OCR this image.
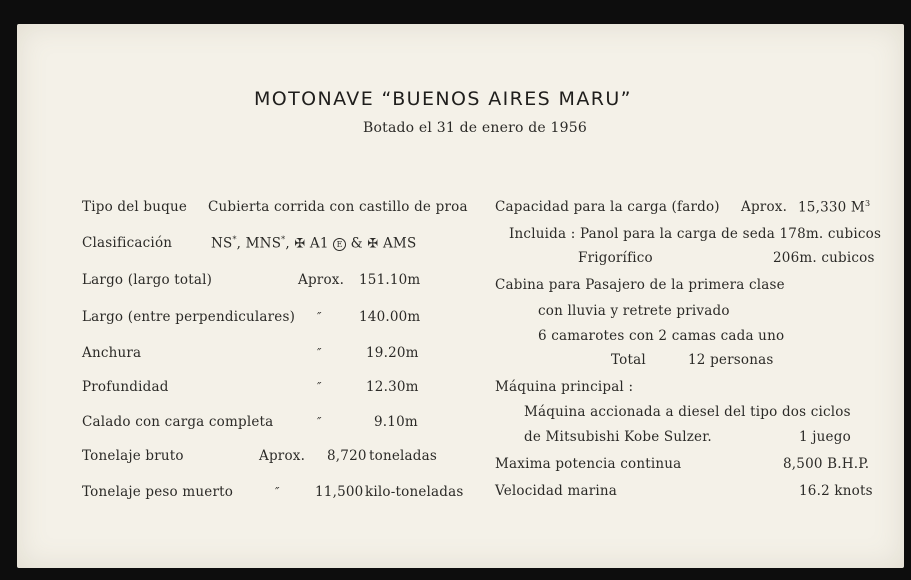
MOTONAVE “BUENOS AIRES MARU”
Botado el 31 de enero de 1956
Tipo del buque Cubierta corrida con castillo de proa
Clasificación	NS*, MNS*, ✠ A1 E & ✠ AMS
Largo (largo total)	Aprox. 151.10m
Largo (entre perpendiculares) ″	140.00m
Anchura	″	19.20m
Profundidad	″	12.30m
Calado con carga completa	″	9.10m
Tonelaje bruto	Aprox. 8,720 toneladas
Tonelaje peso muerto	″	11,500 kilo-toneladas
Capacidad para la carga (fardo) Aprox. 15,330 $M^3$
Incluida : Panol para la carga de seda 178m. cubicos
Frigorífico	206m. cubicos
Cabina para Pasajero de la primera clase
con lluvia y retrete privado
6 camarotes con 2 camas cada uno
Total	12 personas
Máquina principal :
Máquina accionada a diesel del tipo dos ciclos
de Mitsubishi Kobe Sulzer.	1 juego
Maxima potencia continua	8,500 B.H.P.
Velocidad marina	16.2 knots
